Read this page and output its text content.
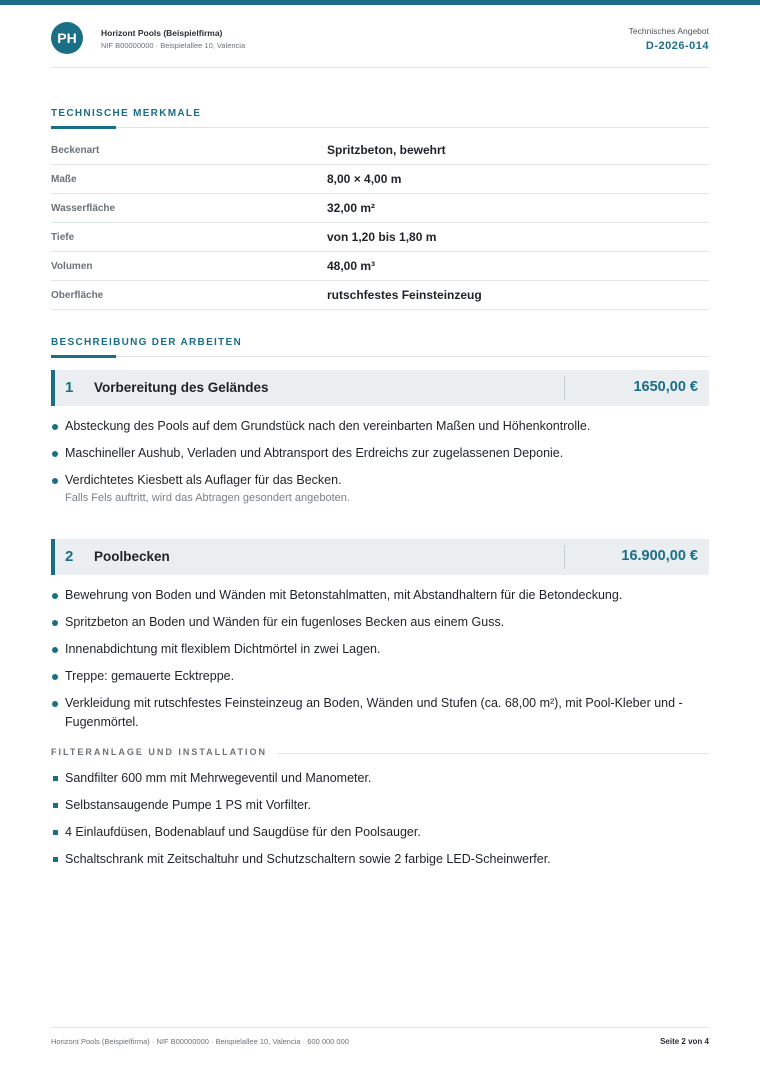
PH	Horizont Pools (Beispielfirma)
NIF B00000000 · Beispielallee 10, Valencia
Technisches Angebot
D-2026-014
TECHNISCHE MERKMALE
Beckenart	Spritzbeton, bewehrt
Maße	8,00 × 4,00 m
Wasserfläche	32,00 m²
Tiefe	von 1,20 bis 1,80 m
Volumen	48,00 m³
Oberfläche	rutschfestes Feinsteinzeug
BESCHREIBUNG DER ARBEITEN
1 Vorbereitung des Geländes	1650,00 €
Absteckung des Pools auf dem Grundstück nach den vereinbarten Maßen und Höhenkontrolle.
Maschineller Aushub, Verladen und Abtransport des Erdreichs zur zugelassenen Deponie.
Verdichtetes Kiesbett als Auflager für das Becken.
Falls Fels auftritt, wird das Abtragen gesondert angeboten.
2 Poolbecken	16.900,00 €
Bewehrung von Boden und Wänden mit Betonstahlmatten, mit Abstandhaltern für die Betondeckung.
Spritzbeton an Boden und Wänden für ein fugenloses Becken aus einem Guss.
Innenabdichtung mit flexiblem Dichtmörtel in zwei Lagen.
Treppe: gemauerte Ecktreppe.
Verkleidung mit rutschfestes Feinsteinzeug an Boden, Wänden und Stufen (ca. 68,00 m²), mit Pool-Kleber und -Fugenmörtel.
FILTERANLAGE UND INSTALLATION
Sandfilter 600 mm mit Mehrwegeventil und Manometer.
Selbstansaugende Pumpe 1 PS mit Vorfilter.
4 Einlaufdüsen, Bodenablauf und Saugdüse für den Poolsauger.
Schaltschrank mit Zeitschaltuhr und Schutzschaltern sowie 2 farbige LED-Scheinwerfer.
Horizont Pools (Beispielfirma) · NIF B00000000 · Beispielallee 10, Valencia · 600 000 000	Seite 2 von 4
